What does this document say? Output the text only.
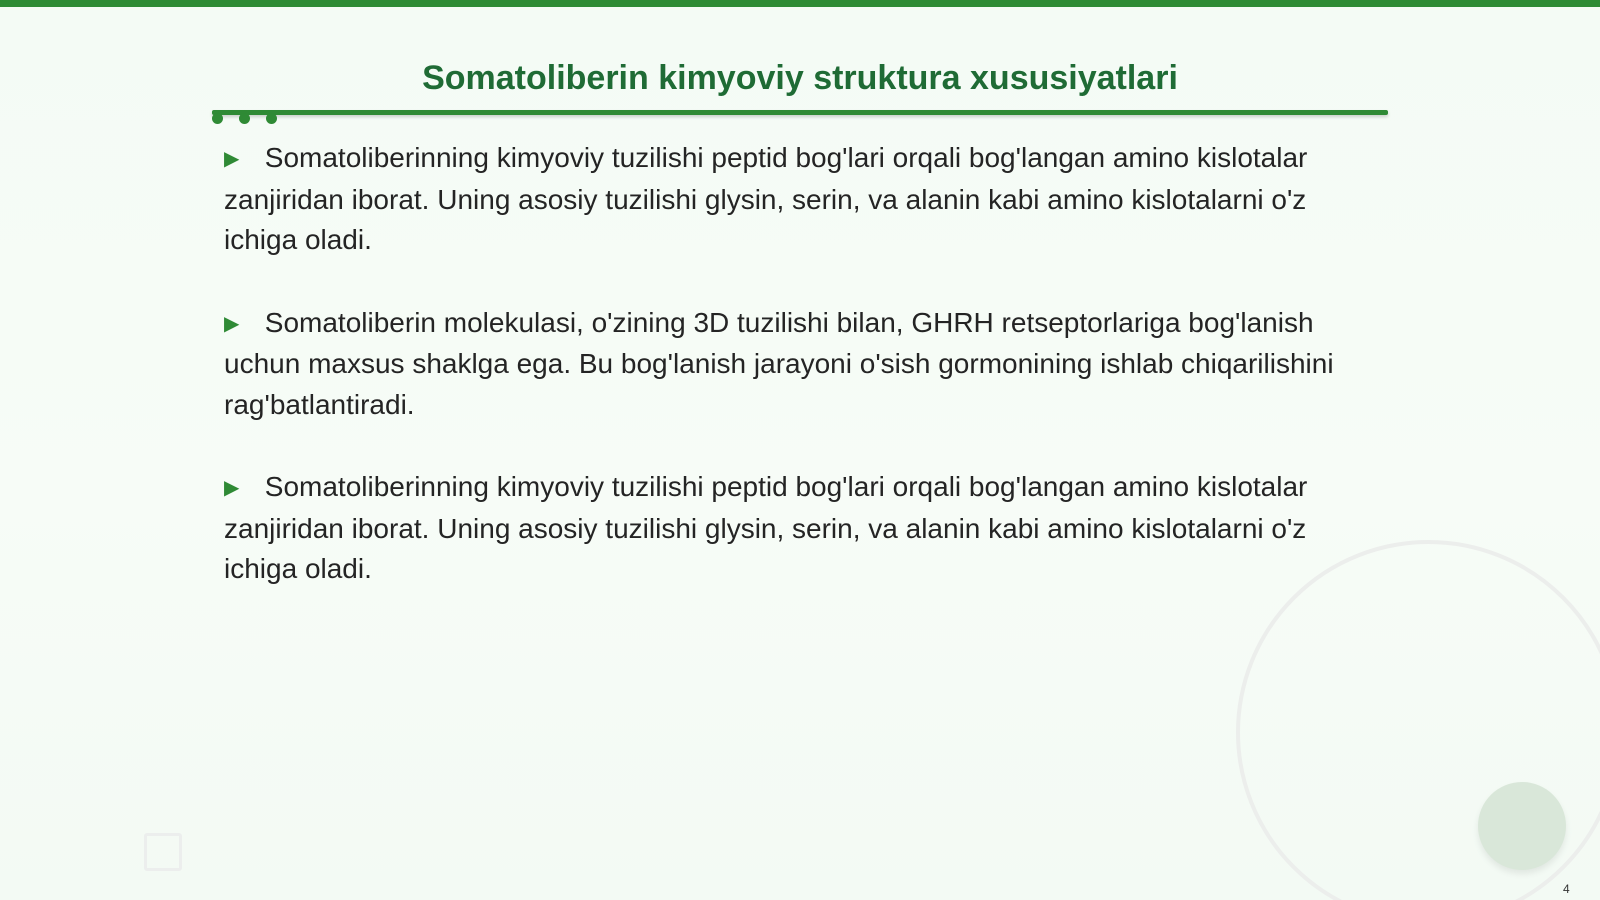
Somatoliberin kimyoviy struktura xususiyatlari

▶ Somatoliberinning kimyoviy tuzilishi peptid bog'lari orqali bog'langan amino kislotalar zanjiridan iborat. Uning asosiy tuzilishi glysin, serin, va alanin kabi amino kislotalarni o'z ichiga oladi.

▶ Somatoliberin molekulasi, o'zining 3D tuzilishi bilan, GHRH retseptorlariga bog'lanish uchun maxsus shaklga ega. Bu bog'lanish jarayoni o'sish gormonining ishlab chiqarilishini rag'batlantiradi.

▶ Somatoliberinning kimyoviy tuzilishi peptid bog'lari orqali bog'langan amino kislotalar zanjiridan iborat. Uning asosiy tuzilishi glysin, serin, va alanin kabi amino kislotalarni o'z ichiga oladi.

4
